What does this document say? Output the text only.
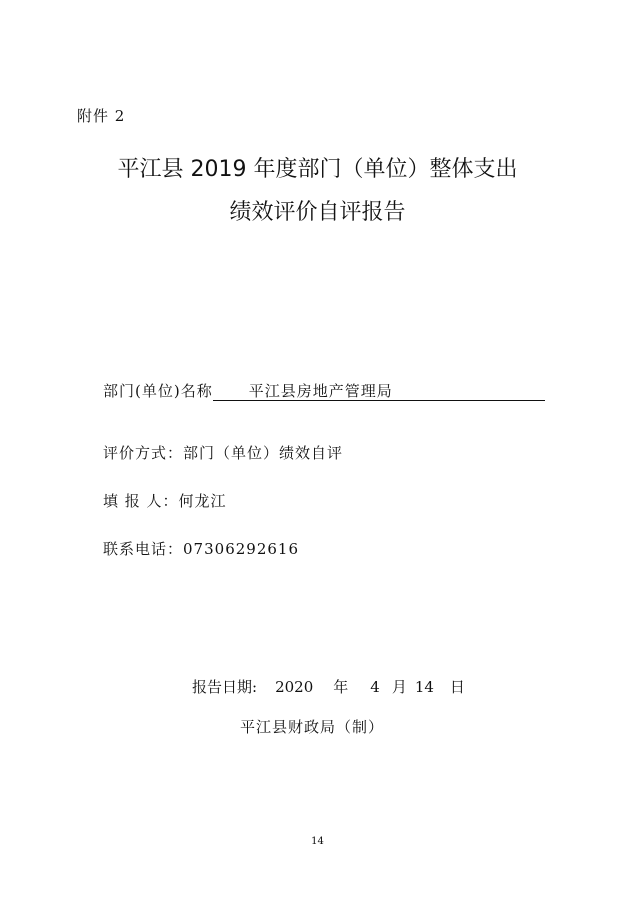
附件 2
平江县 2019 年度部门（单位）整体支出
绩效评价自评报告
部门(单位)名称 平江县房地产管理局
评价方式：部门（单位）绩效自评
填 报 人：何龙江
联系电话：07306292616
报告日期: 2020 年 4 月 14 日
平江县财政局（制）
14
